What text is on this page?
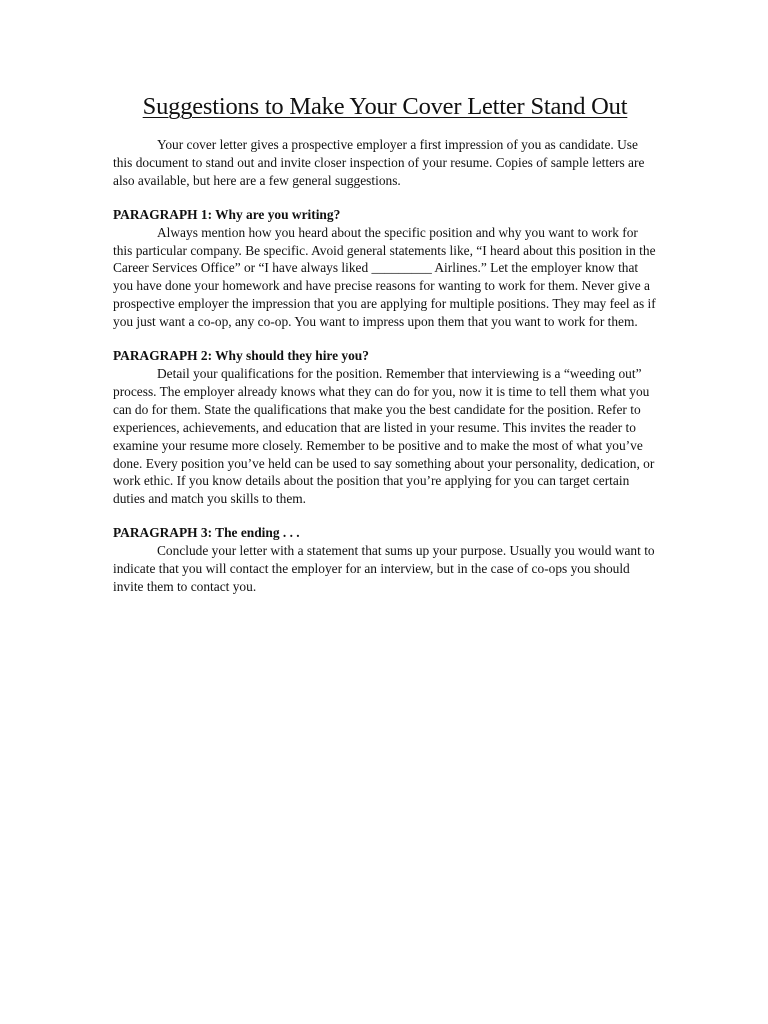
Suggestions to Make Your Cover Letter Stand Out

Your cover letter gives a prospective employer a first impression of you as candidate. Use this document to stand out and invite closer inspection of your resume. Copies of sample letters are also available, but here are a few general suggestions.

PARAGRAPH 1: Why are you writing?

Always mention how you heard about the specific position and why you want to work for this particular company. Be specific. Avoid general statements like, “I heard about this position in the Career Services Office” or “I have always liked _________ Airlines.” Let the employer know that you have done your homework and have precise reasons for wanting to work for them. Never give a prospective employer the impression that you are applying for multiple positions. They may feel as if you just want a co-op, any co-op. You want to impress upon them that you want to work for them.

PARAGRAPH 2: Why should they hire you?

Detail your qualifications for the position. Remember that interviewing is a “weeding out” process. The employer already knows what they can do for you, now it is time to tell them what you can do for them. State the qualifications that make you the best candidate for the position. Refer to experiences, achievements, and education that are listed in your resume. This invites the reader to examine your resume more closely. Remember to be positive and to make the most of what you’ve done. Every position you’ve held can be used to say something about your personality, dedication, or work ethic. If you know details about the position that you’re applying for you can target certain duties and match you skills to them.

PARAGRAPH 3: The ending . . .

Conclude your letter with a statement that sums up your purpose. Usually you would want to indicate that you will contact the employer for an interview, but in the case of co-ops you should invite them to contact you.
